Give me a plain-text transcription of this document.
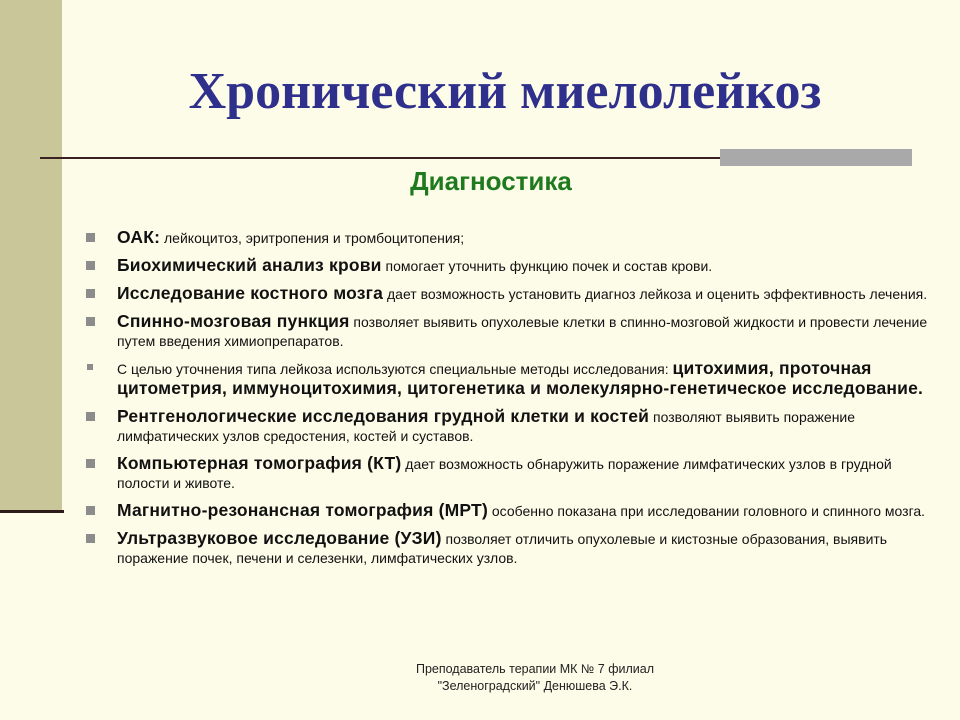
Хронический миелолейкоз
Диагностика
ОАК: лейкоцитоз, эритропения и тромбоцитопения;
Биохимический анализ крови помогает уточнить функцию почек и состав крови.
Исследование костного мозга дает возможность установить диагноз лейкоза и оценить эффективность лечения.
Спинно-мозговая пункция позволяет выявить опухолевые клетки в спинно-мозговой жидкости и провести лечение путем введения химиопрепаратов.
С целью уточнения типа лейкоза используются специальные методы исследования: цитохимия, проточная цитометрия, иммуноцитохимия, цитогенетика и молекулярно-генетическое исследование.
Рентгенологические исследования грудной клетки и костей позволяют выявить поражение лимфатических узлов средостения, костей и суставов.
Компьютерная томография (КТ) дает возможность обнаружить поражение лимфатических узлов в грудной полости и животе.
Магнитно-резонансная томография (МРТ) особенно показана при исследовании головного и спинного мозга.
Ультразвуковое исследование (УЗИ) позволяет отличить опухолевые и кистозные образования, выявить поражение почек, печени и селезенки, лимфатических узлов.
Преподаватель терапии МК № 7 филиал
"Зеленоградский" Денюшева Э.К.
